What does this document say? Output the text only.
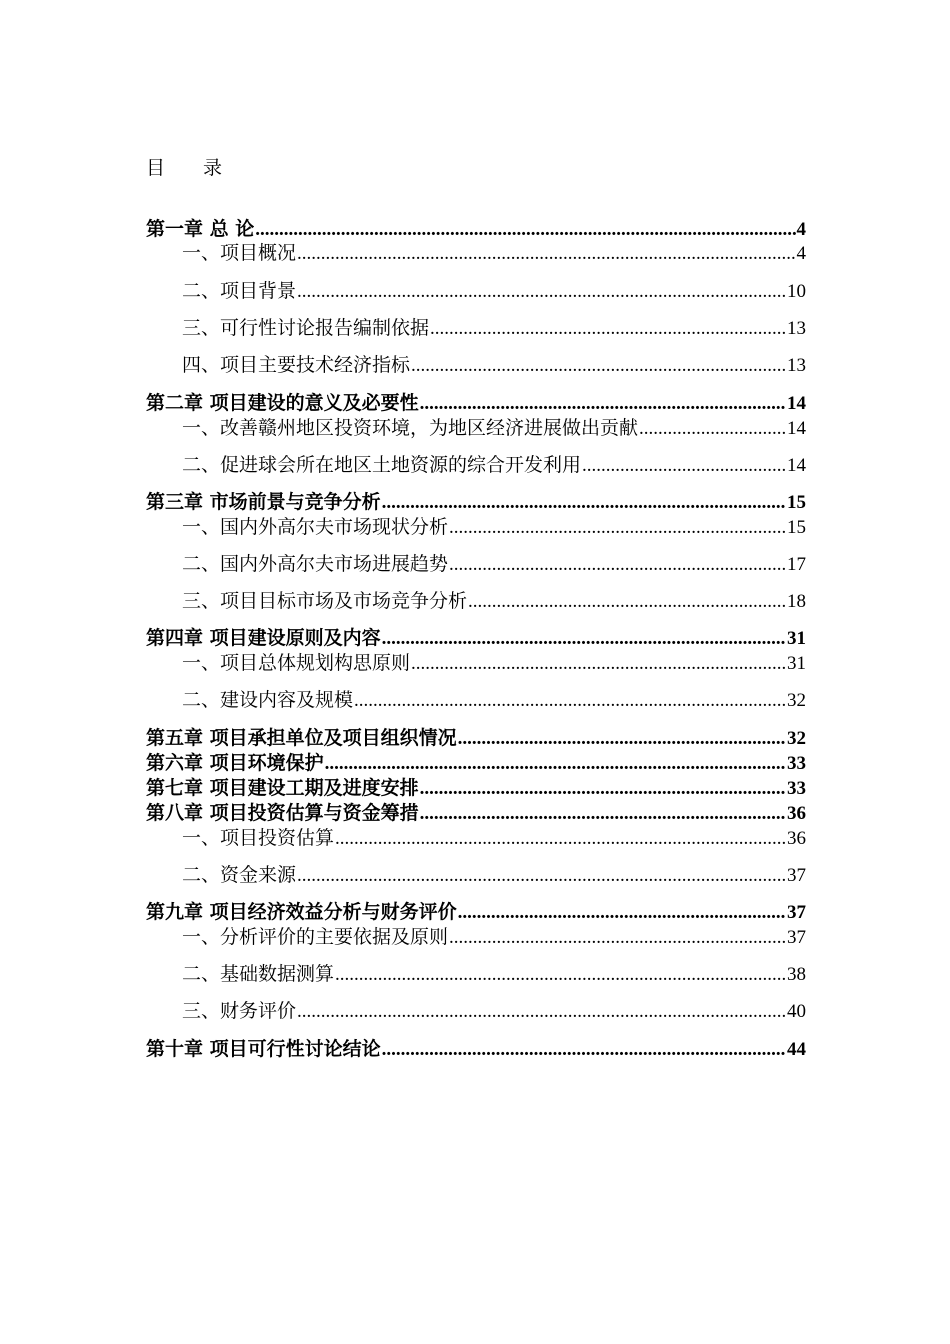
目 录
第一章 总 论 .....	4
一、项目概况 .....	4
二、项目背景 .....	10
三、可行性讨论报告编制依据 .....	13
四、项目主要技术经济指标 .....	13
第二章 项目建设的意义及必要性 .....	14
一、改善赣州地区投资环境，为地区经济进展做出贡献 .....	14
二、促进球会所在地区土地资源的综合开发利用 .....	14
第三章 市场前景与竞争分析 .....	15
一、国内外高尔夫市场现状分析 .....	15
二、国内外高尔夫市场进展趋势 .....	17
三、项目目标市场及市场竞争分析 .....	18
第四章 项目建设原则及内容 .....	31
一、项目总体规划构思原则 .....	31
二、建设内容及规模 .....	32
第五章 项目承担单位及项目组织情况 .....	32
第六章 项目环境保护 .....	33
第七章 项目建设工期及进度安排 .....	33
第八章 项目投资估算与资金筹措 .....	36
一、项目投资估算 .....	36
二、资金来源 .....	37
第九章 项目经济效益分析与财务评价 .....	37
一、分析评价的主要依据及原则 .....	37
二、基础数据测算 .....	38
三、财务评价 .....	40
第十章 项目可行性讨论结论 .....	44
